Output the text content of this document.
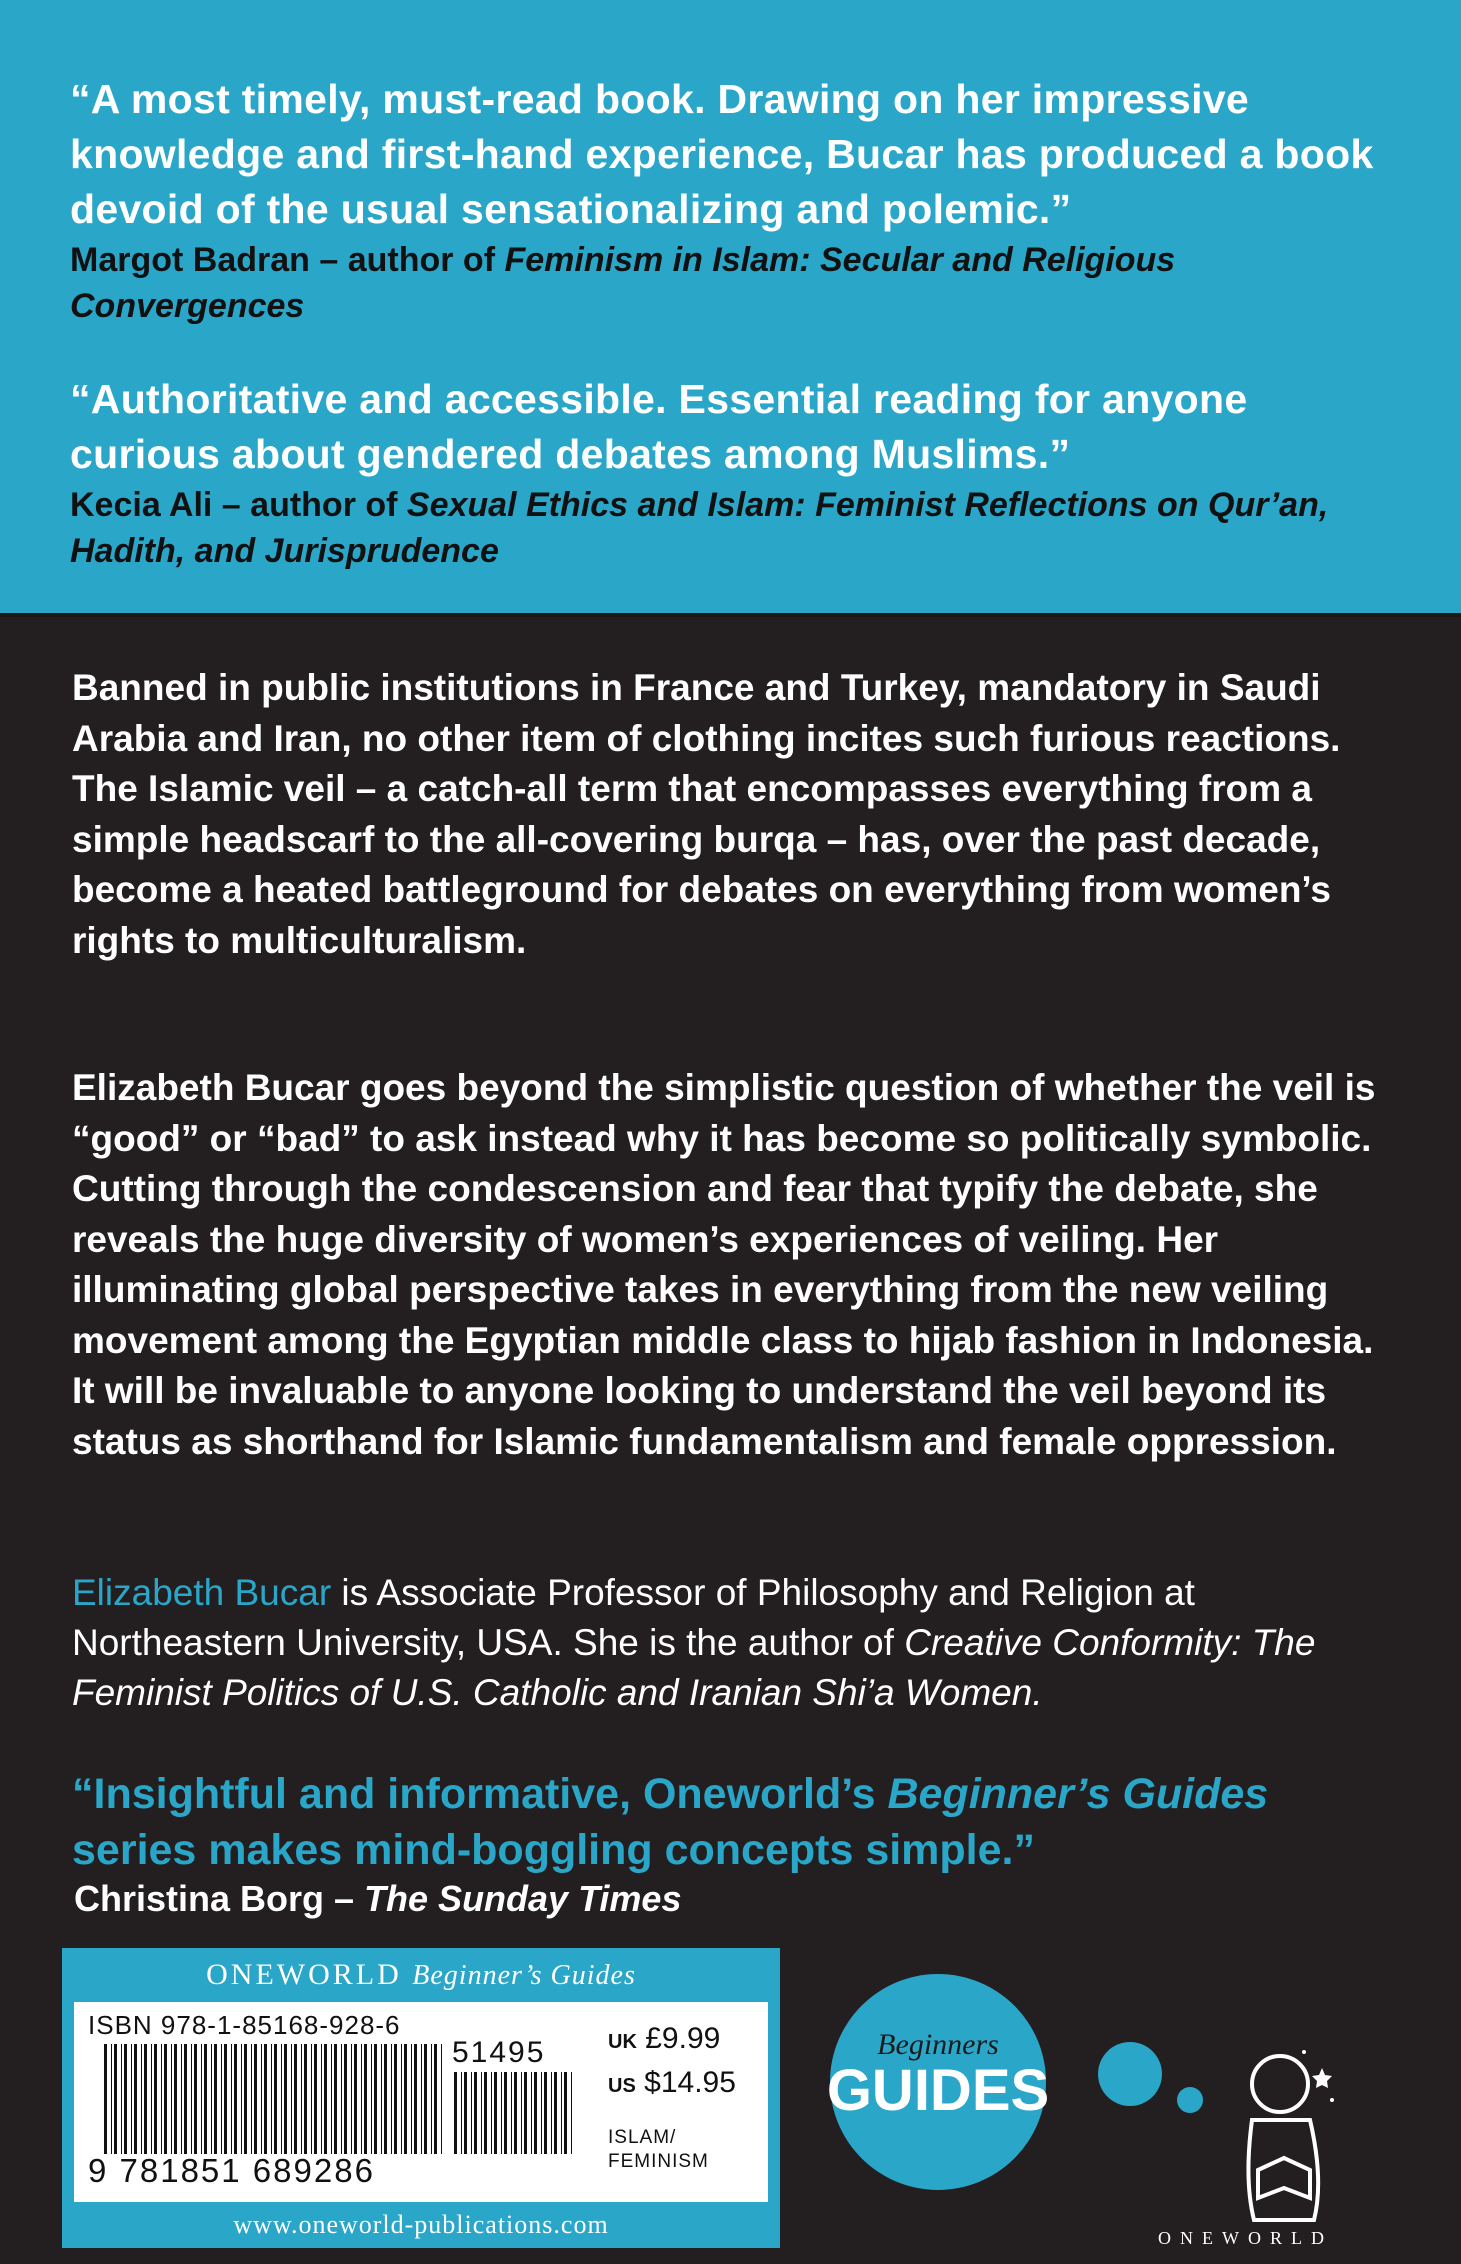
“A most timely, must-read book. Drawing on her impressive knowledge and first-hand experience, Bucar has produced a book devoid of the usual sensationalizing and polemic.”
Margot Badran – author of Feminism in Islam: Secular and Religious Convergences
“Authoritative and accessible. Essential reading for anyone curious about gendered debates among Muslims.”
Kecia Ali – author of Sexual Ethics and Islam: Feminist Reflections on Qur’an, Hadith, and Jurisprudence
Banned in public institutions in France and Turkey, mandatory in Saudi Arabia and Iran, no other item of clothing incites such furious reactions. The Islamic veil – a catch-all term that encompasses everything from a simple headscarf to the all-covering burqa – has, over the past decade, become a heated battleground for debates on everything from women’s rights to multiculturalism.
Elizabeth Bucar goes beyond the simplistic question of whether the veil is “good” or “bad” to ask instead why it has become so politically symbolic. Cutting through the condescension and fear that typify the debate, she reveals the huge diversity of women’s experiences of veiling. Her illuminating global perspective takes in everything from the new veiling movement among the Egyptian middle class to hijab fashion in Indonesia. It will be invaluable to anyone looking to understand the veil beyond its status as shorthand for Islamic fundamentalism and female oppression.
Elizabeth Bucar is Associate Professor of Philosophy and Religion at Northeastern University, USA. She is the author of Creative Conformity: The Feminist Politics of U.S. Catholic and Iranian Shi’a Women.
“Insightful and informative, Oneworld’s Beginner’s Guides series makes mind-boggling concepts simple.”
Christina Borg – The Sunday Times
ONEWORLD Beginner’s Guides
ISBN 978-1-85168-928-6
51495
9 781851 689286
UK £9.99
US $14.95
ISLAM/
FEMINISM
www.oneworld-publications.com
Beginners
GUIDES
ONEWORLD
